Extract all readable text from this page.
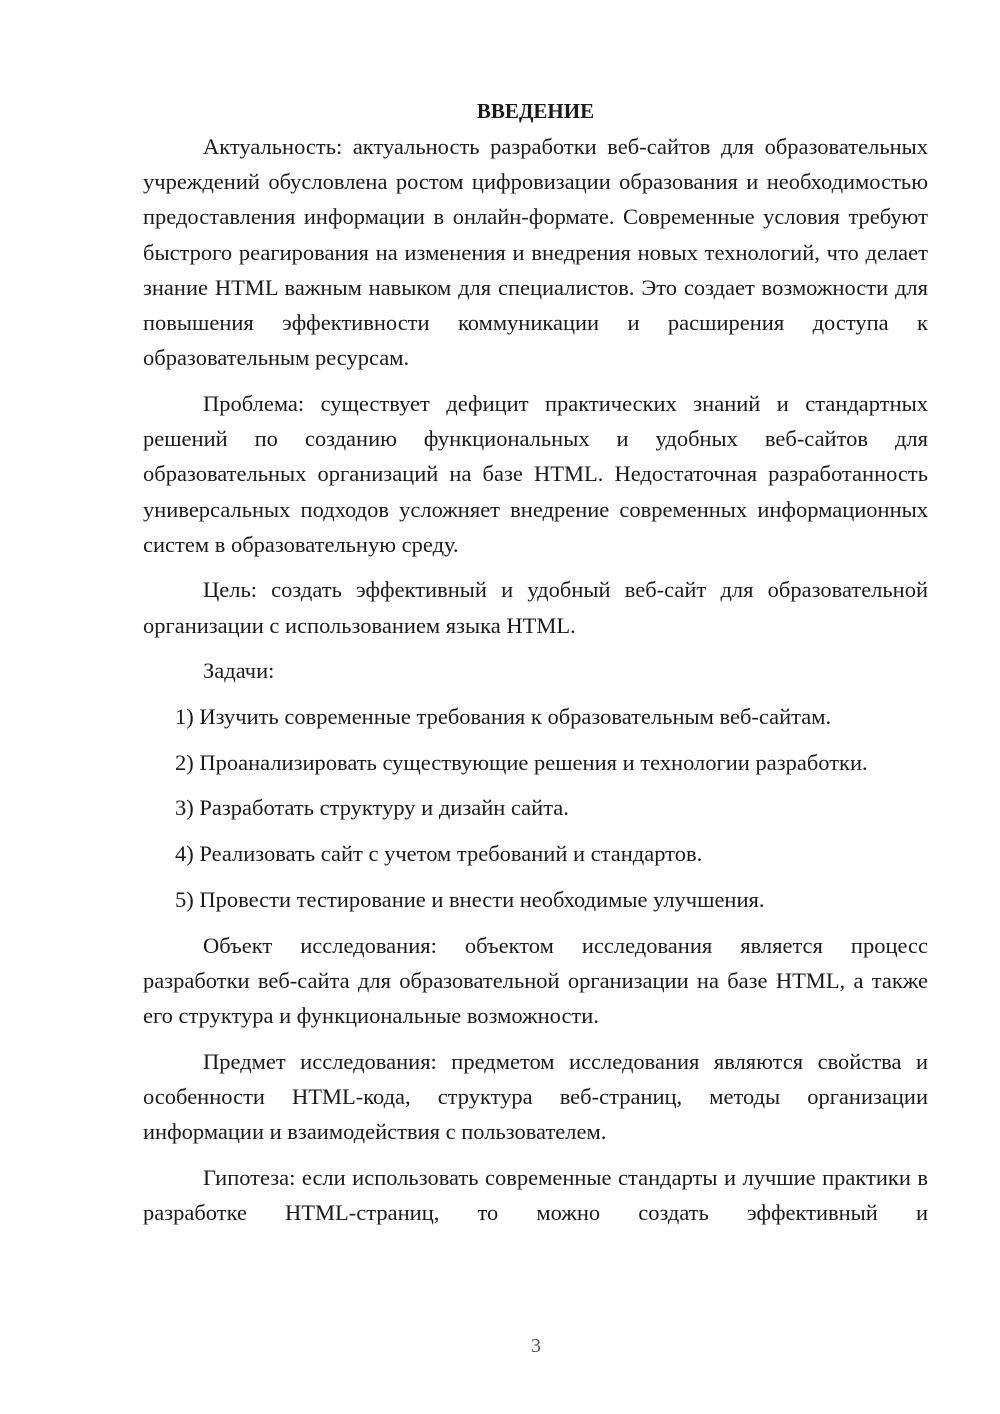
ВВЕДЕНИЕ

Актуальность: актуальность разработки веб-сайтов для образовательных учреждений обусловлена ростом цифровизации образования и необходимостью предоставления информации в онлайн-формате. Современные условия требуют быстрого реагирования на изменения и внедрения новых технологий, что делает знание HTML важным навыком для специалистов. Это создает возможности для повышения эффективности коммуникации и расширения доступа к образовательным ресурсам.

Проблема: существует дефицит практических знаний и стандартных решений по созданию функциональных и удобных веб-сайтов для образовательных организаций на базе HTML. Недостаточная разработанность универсальных подходов усложняет внедрение современных информационных систем в образовательную среду.

Цель: создать эффективный и удобный веб-сайт для образовательной организации с использованием языка HTML.

Задачи:

1) Изучить современные требования к образовательным веб-сайтам.

2) Проанализировать существующие решения и технологии разработки.

3) Разработать структуру и дизайн сайта.

4) Реализовать сайт с учетом требований и стандартов.

5) Провести тестирование и внести необходимые улучшения.

Объект исследования: объектом исследования является процесс разработки веб-сайта для образовательной организации на базе HTML, а также его структура и функциональные возможности.

Предмет исследования: предметом исследования являются свойства и особенности HTML-кода, структура веб-страниц, методы организации информации и взаимодействия с пользователем.

Гипотеза: если использовать современные стандарты и лучшие практики в разработке HTML-страниц, то можно создать эффективный и

3
